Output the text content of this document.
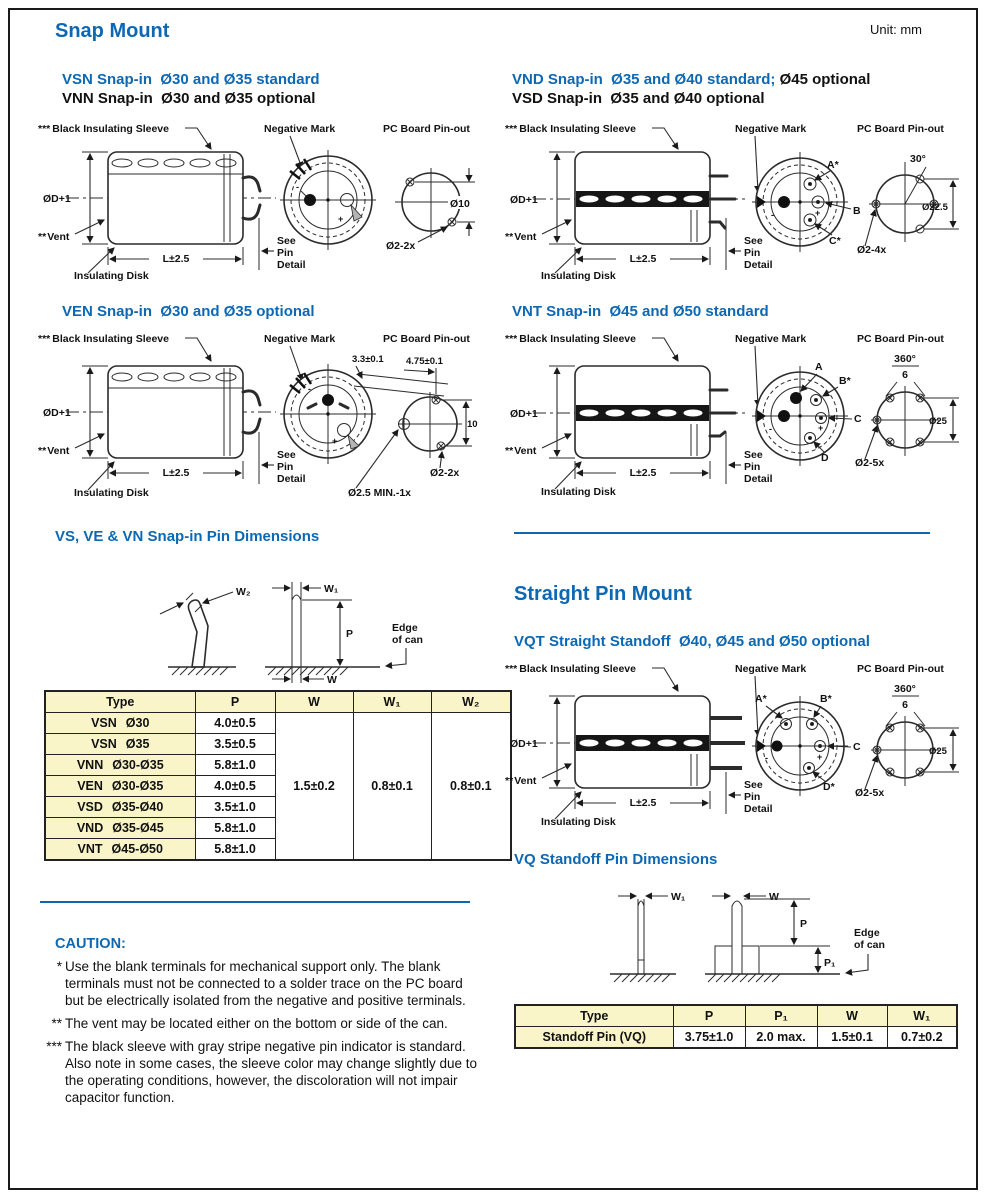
Snap Mount	Unit: mm
VSN Snap-in  Ø30 and Ø35 standard
VNN Snap-in  Ø30 and Ø35 optional
VND Snap-in  Ø35 and Ø40 standard; Ø45 optional
VSD Snap-in  Ø35 and Ø40 optional
*** Black Insulating Sleeve	Negative Mark	PC Board Pin-out
ØD+1
**Vent
Insulating Disk
L±2.5
See
Pin
Detail
-
+
Ø10
Ø2-2x
*** Black Insulating Sleeve	Negative Mark	PC Board Pin-out
ØD+1
**Vent
Insulating Disk
L±2.5
See
Pin
Detail
-	+
A*
B
C*
30°
Ø22.5
Ø2-4x
VEN Snap-in  Ø30 and Ø35 optional
*** Black Insulating Sleeve	Negative Mark	PC Board Pin-out
ØD+1
**Vent
Insulating Disk
L±2.5
See
Pin
Detail
-
+
3.3±0.1 4.75±0.1
10
Ø2-2x
Ø2.5 MIN.-1x
VNT Snap-in  Ø45 and Ø50 standard
*** Black Insulating Sleeve	Negative Mark	PC Board Pin-out
ØD+1
**Vent
Insulating Disk
L±2.5
See
Pin
Detail
-	+
A
B*
C
D
360°
6
Ø25
Ø2-5x
VS, VE & VN Snap-in Pin Dimensions
W₂	W₁
P
W
Edge
of can
Type	P	W	W₁	W₂

VSN Ø30	4.0±0.5	1.5±0.2	0.8±0.1	0.8±0.1

VSN Ø35	3.5±0.5			

VNN Ø30-Ø35	5.8±1.0			

VEN Ø30-Ø35	4.0±0.5			

VSD Ø35-Ø40	3.5±1.0			

VND Ø35-Ø45	5.8±1.0			

VNT Ø45-Ø50	5.8±1.0			
CAUTION:
* Use the blank terminals for mechanical support only. The blank terminals must not be connected to a solder trace on the PC board but be electrically isolated from the negative and positive terminals.
** The vent may be located either on the bottom or side of the can.
*** The black sleeve with gray stripe negative pin indicator is standard. Also note in some cases, the sleeve color may change slightly due to the operating conditions, however, the discoloration will not impair capacitor function.
Straight Pin Mount
VQT Straight Standoff  Ø40, Ø45 and Ø50 optional
*** Black Insulating Sleeve	Negative Mark	PC Board Pin-out
ØD+1
**Vent
Insulating Disk
L±2.5
See
Pin
Detail
-	+
A*	B*
C
D*
360°
6
Ø25
Ø2-5x
VQ Standoff Pin Dimensions
W₁	W
P
P₁
Edge
of can
Type	P	P₁	W	W₁
Standoff Pin (VQ)	3.75±1.0	2.0 max.	1.5±0.1	0.7±0.2
